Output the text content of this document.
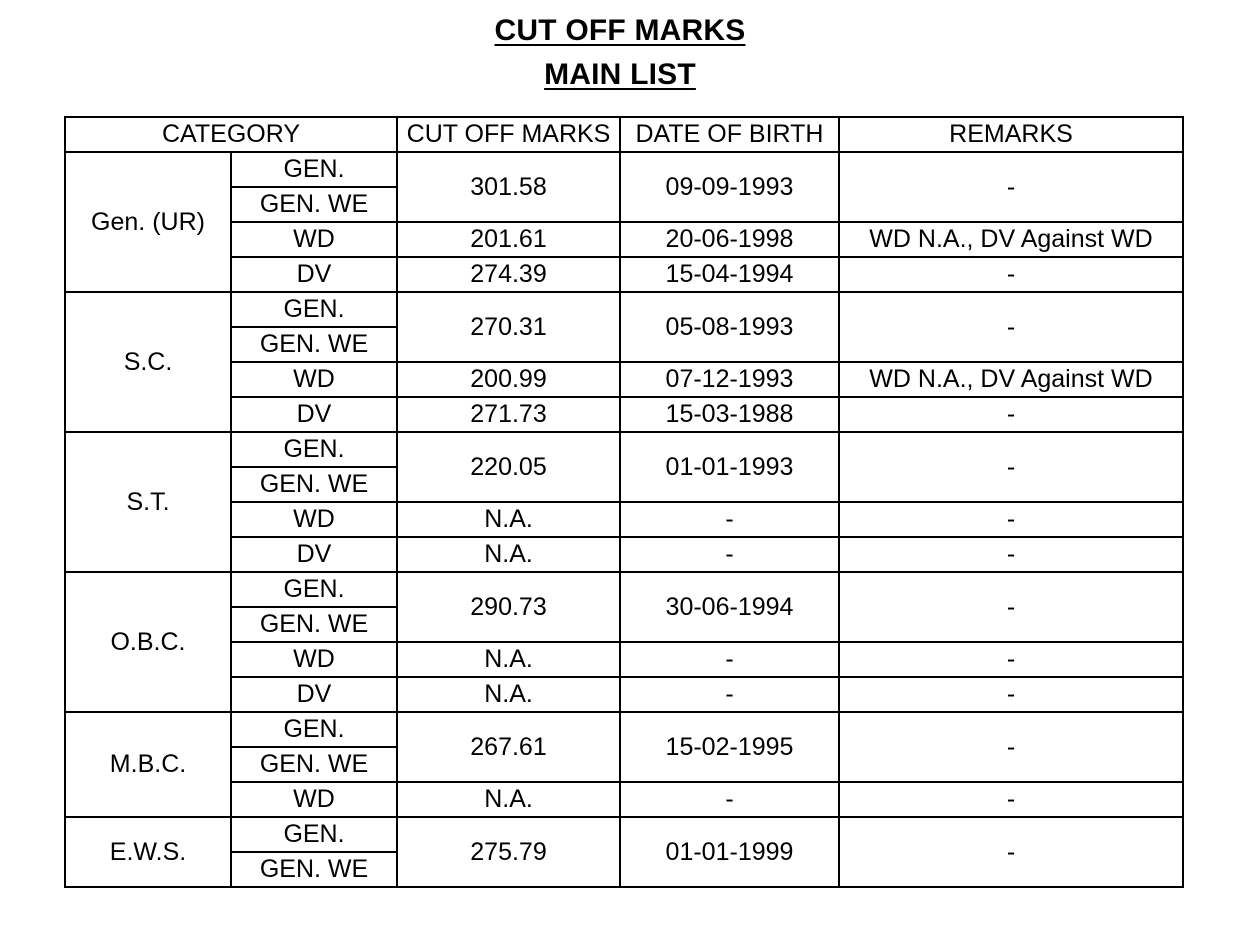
CUT OFF MARKS
MAIN LIST
CATEGORY		CUT OFF MARKS	DATE OF BIRTH	REMARKS
Gen. (UR)	GEN.	301.58	09-09-1993	-
	GEN. WE			
	WD	201.61	20-06-1998	WD N.A., DV Against WD
	DV	274.39	15-04-1994	-
S.C.	GEN.	270.31	05-08-1993	-
	GEN. WE			
	WD	200.99	07-12-1993	WD N.A., DV Against WD
	DV	271.73	15-03-1988	-
S.T.	GEN.	220.05	01-01-1993	-
	GEN. WE			
	WD	N.A.	-	-
	DV	N.A.	-	-
O.B.C.	GEN.	290.73	30-06-1994	-
	GEN. WE			
	WD	N.A.	-	-
	DV	N.A.	-	-
M.B.C.	GEN.	267.61	15-02-1995	-
	GEN. WE			
	WD	N.A.	-	-
E.W.S.	GEN.	275.79	01-01-1999	-
	GEN. WE			
